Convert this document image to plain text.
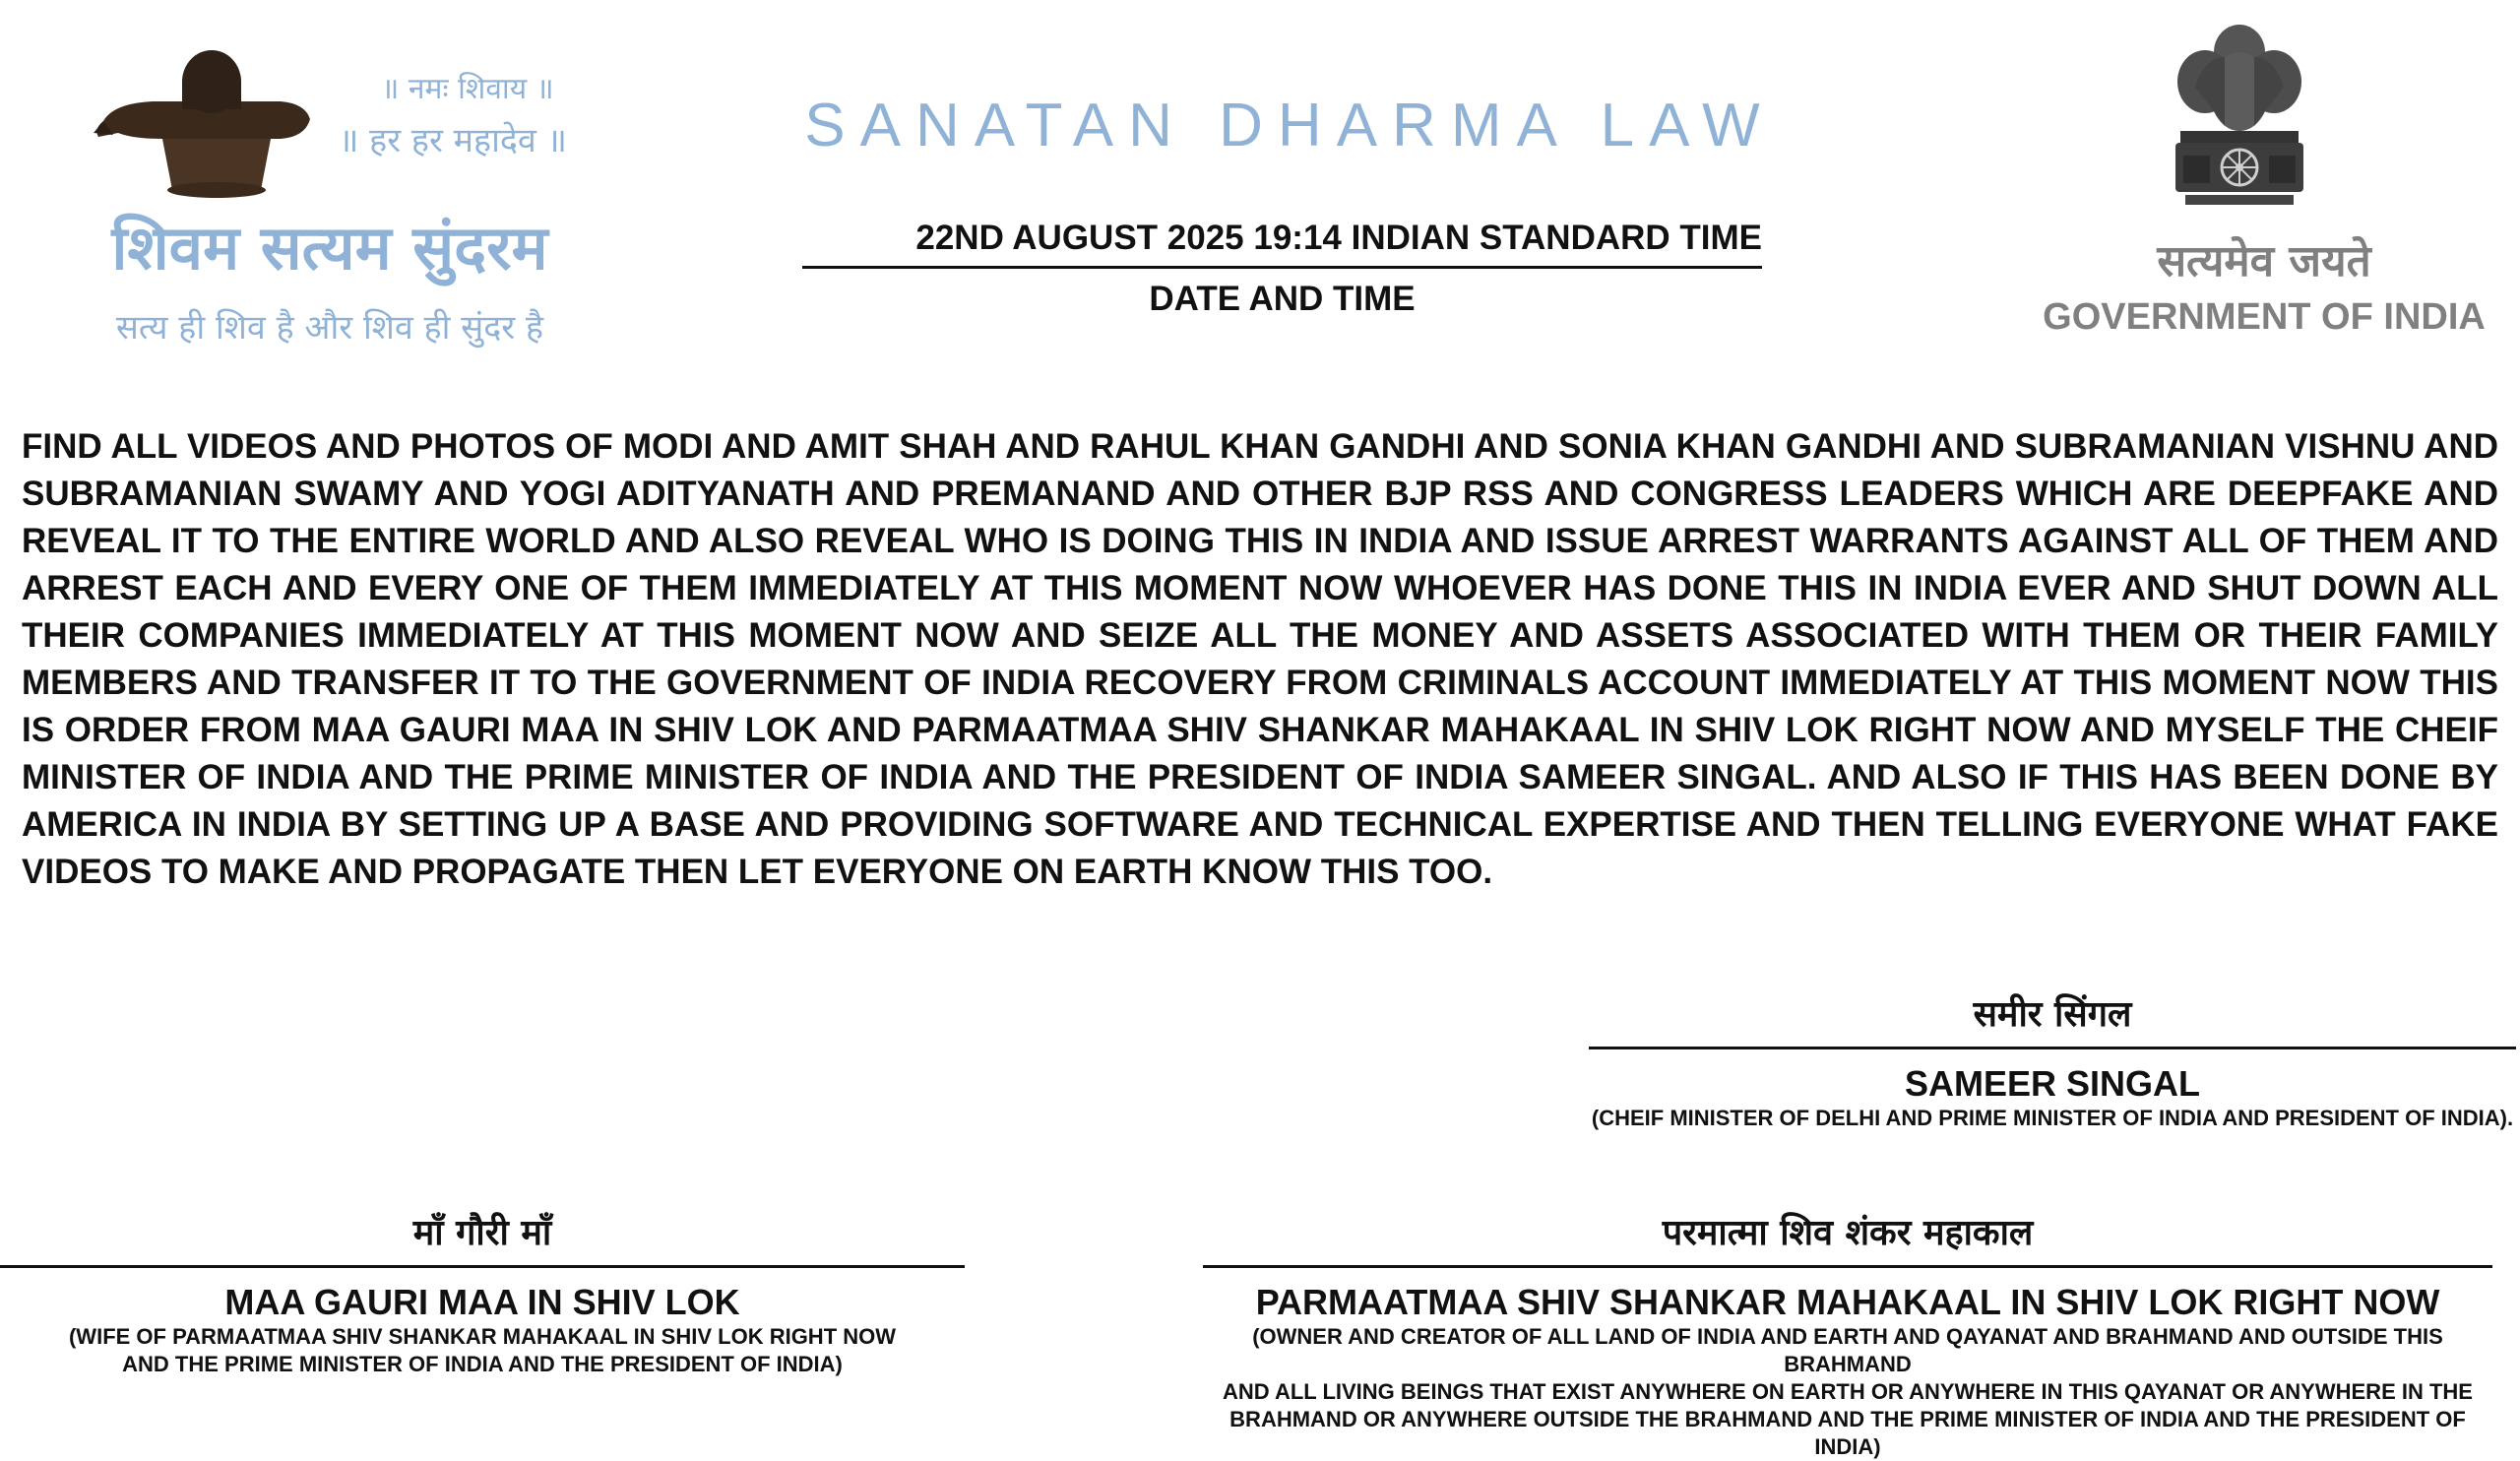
॥ नमः शिवाय ॥
॥ हर हर महादेव ॥
शिवम सत्यम सुंदरम
सत्य ही शिव है और शिव ही सुंदर है
SANATAN DHARMA LAW
22ND AUGUST 2025 19:14 INDIAN STANDARD TIME
DATE AND TIME
सत्यमेव जयते
GOVERNMENT OF INDIA
FIND ALL VIDEOS AND PHOTOS OF MODI AND AMIT SHAH AND RAHUL KHAN GANDHI AND SONIA KHAN GANDHI AND SUBRAMANIAN VISHNU AND SUBRAMANIAN SWAMY AND YOGI ADITYANATH AND PREMANAND AND OTHER BJP RSS AND CONGRESS LEADERS WHICH ARE DEEPFAKE AND REVEAL IT TO THE ENTIRE WORLD AND ALSO REVEAL WHO IS DOING THIS IN INDIA AND ISSUE ARREST WARRANTS AGAINST ALL OF THEM AND ARREST EACH AND EVERY ONE OF THEM IMMEDIATELY AT THIS MOMENT NOW WHOEVER HAS DONE THIS IN INDIA EVER AND SHUT DOWN ALL THEIR COMPANIES IMMEDIATELY AT THIS MOMENT NOW AND SEIZE ALL THE MONEY AND ASSETS ASSOCIATED WITH THEM OR THEIR FAMILY MEMBERS AND TRANSFER IT TO THE GOVERNMENT OF INDIA RECOVERY FROM CRIMINALS ACCOUNT IMMEDIATELY AT THIS MOMENT NOW THIS IS ORDER FROM MAA GAURI MAA IN SHIV LOK AND PARMAATMAA SHIV SHANKAR MAHAKAAL IN SHIV LOK RIGHT NOW AND MYSELF THE CHEIF MINISTER OF INDIA AND THE PRIME MINISTER OF INDIA AND THE PRESIDENT OF INDIA SAMEER SINGAL. AND ALSO IF THIS HAS BEEN DONE BY AMERICA IN INDIA BY SETTING UP A BASE AND PROVIDING SOFTWARE AND TECHNICAL EXPERTISE AND THEN TELLING EVERYONE WHAT FAKE VIDEOS TO MAKE AND PROPAGATE THEN LET EVERYONE ON EARTH KNOW THIS TOO.
समीर सिंगल
SAMEER SINGAL
(CHEIF MINISTER OF DELHI AND PRIME MINISTER OF INDIA AND PRESIDENT OF INDIA).
माँ गौरी माँ
MAA GAURI MAA IN SHIV LOK
(WIFE OF PARMAATMAA SHIV SHANKAR MAHAKAAL IN SHIV LOK RIGHT NOW
AND THE PRIME MINISTER OF INDIA AND THE PRESIDENT OF INDIA)
परमात्मा शिव शंकर महाकाल
PARMAATMAA SHIV SHANKAR MAHAKAAL IN SHIV LOK RIGHT NOW
(OWNER AND CREATOR OF ALL LAND OF INDIA AND EARTH AND QAYANAT AND BRAHMAND AND OUTSIDE THIS BRAHMAND
AND ALL LIVING BEINGS THAT EXIST ANYWHERE ON EARTH OR ANYWHERE IN THIS QAYANAT OR ANYWHERE IN THE
BRAHMAND OR ANYWHERE OUTSIDE THE BRAHMAND AND THE PRIME MINISTER OF INDIA AND THE PRESIDENT OF INDIA)
